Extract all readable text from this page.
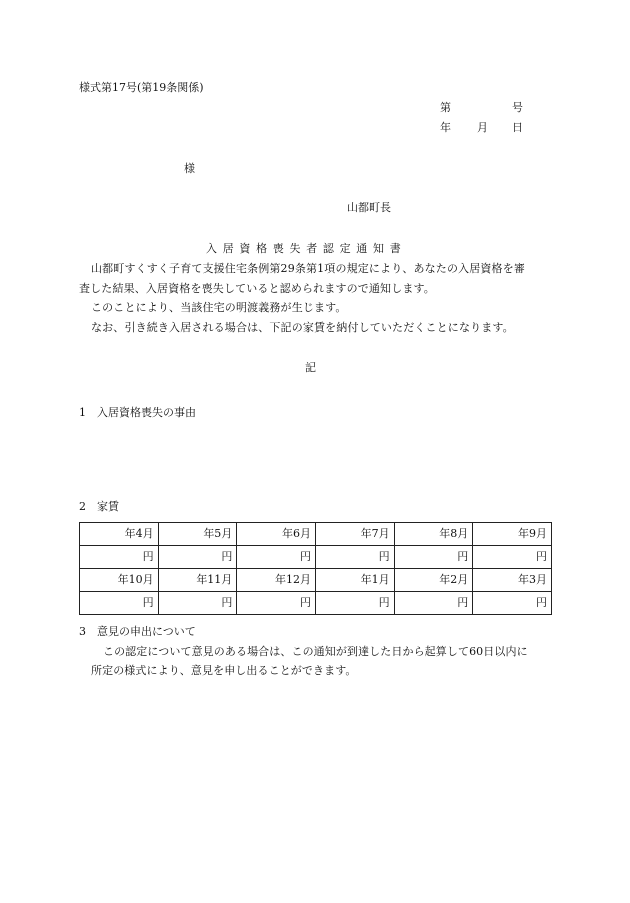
様式第17号(第19条関係)
第	号
年 月 日
様
山都町長
入居資格喪失者認定通知書
山都町すくすく子育て支援住宅条例第29条第1項の規定により、あなたの入居資格を審
査した結果、入居資格を喪失していると認められますので通知します。
このことにより、当該住宅の明渡義務が生じます。
なお、引き続き入居される場合は、下記の家賃を納付していただくことになります。
記
1 入居資格喪失の事由
2 家賃
年4月	年5月	年6月	年7月	年8月	年9月
円	円	円	円	円	円
年10月	年11月	年12月	年1月	年2月	年3月
円	円	円	円	円	円
3 意見の申出について
この認定について意見のある場合は、この通知が到達した日から起算して60日以内に
所定の様式により、意見を申し出ることができます。
